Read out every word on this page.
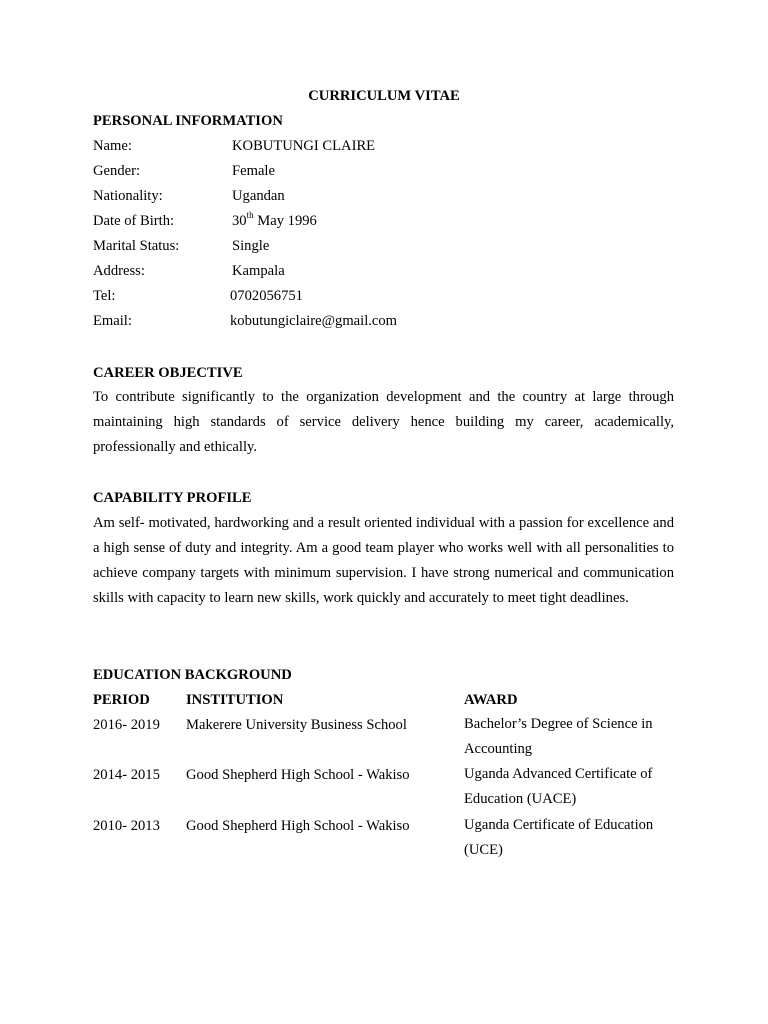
CURRICULUM VITAE
PERSONAL INFORMATION
Name:	KOBUTUNGI CLAIRE
Gender:	Female
Nationality:	Ugandan
Date of Birth:	30th May 1996
Marital Status:	Single
Address:	Kampala
Tel:	0702056751
Email:	kobutungiclaire@gmail.com
CAREER OBJECTIVE

To contribute significantly to the organization development and the country at large through maintaining high standards of service delivery hence building my career, academically, professionally and ethically.

CAPABILITY PROFILE

Am self- motivated, hardworking and a result oriented individual with a passion for excellence and a high sense of duty and integrity. Am a good team player who works well with all personalities to achieve company targets with minimum supervision. I have strong numerical and communication skills with capacity to learn new skills, work quickly and accurately to meet tight deadlines.

EDUCATION BACKGROUND
PERIOD INSTITUTION	AWARD
2016- 2019 Makerere University Business School	Bachelor’s Degree of Science in Accounting
2014- 2015 Good Shepherd High School - Wakiso	Uganda Advanced Certificate of Education (UACE)
2010- 2013 Good Shepherd High School - Wakiso	Uganda Certificate of Education (UCE)
